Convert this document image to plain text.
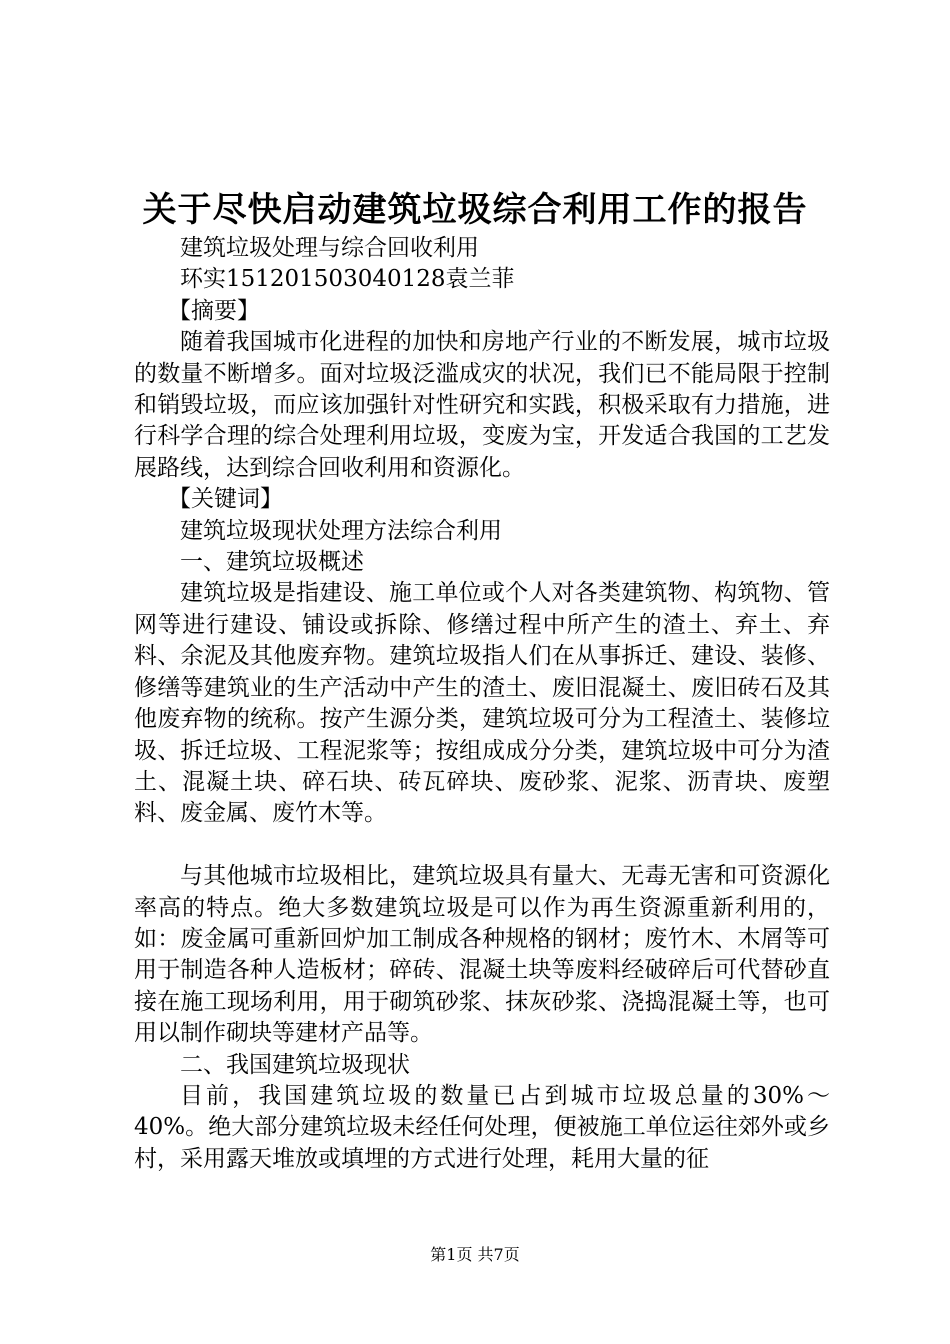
关于尽快启动建筑垃圾综合利用工作的报告

建筑垃圾处理与综合回收利用

环实151201503040128袁兰菲

【摘要】

随着我国城市化进程的加快和房地产行业的不断发展，城市垃圾的数量不断增多。面对垃圾泛滥成灾的状况，我们已不能局限于控制和销毁垃圾，而应该加强针对性研究和实践，积极采取有力措施，进行科学合理的综合处理利用垃圾，变废为宝，开发适合我国的工艺发展路线，达到综合回收利用和资源化。

【关键词】

建筑垃圾现状处理方法综合利用

一、建筑垃圾概述

建筑垃圾是指建设、施工单位或个人对各类建筑物、构筑物、管网等进行建设、铺设或拆除、修缮过程中所产生的渣土、弃土、弃料、余泥及其他废弃物。建筑垃圾指人们在从事拆迁、建设、装修、修缮等建筑业的生产活动中产生的渣土、废旧混凝土、废旧砖石及其他废弃物的统称。按产生源分类，建筑垃圾可分为工程渣土、装修垃圾、拆迁垃圾、工程泥浆等；按组成成分分类，建筑垃圾中可分为渣土、混凝土块、碎石块、砖瓦碎块、废砂浆、泥浆、沥青块、废塑料、废金属、废竹木等。

与其他城市垃圾相比，建筑垃圾具有量大、无毒无害和可资源化率高的特点。绝大多数建筑垃圾是可以作为再生资源重新利用的，如：废金属可重新回炉加工制成各种规格的钢材；废竹木、木屑等可用于制造各种人造板材；碎砖、混凝土块等废料经破碎后可代替砂直接在施工现场利用，用于砌筑砂浆、抹灰砂浆、浇捣混凝土等，也可用以制作砌块等建材产品等。

二、我国建筑垃圾现状

目前，我国建筑垃圾的数量已占到城市垃圾总量的30%～40%。绝大部分建筑垃圾未经任何处理，便被施工单位运往郊外或乡村，采用露天堆放或填埋的方式进行处理，耗用大量的征

第1页 共7页
